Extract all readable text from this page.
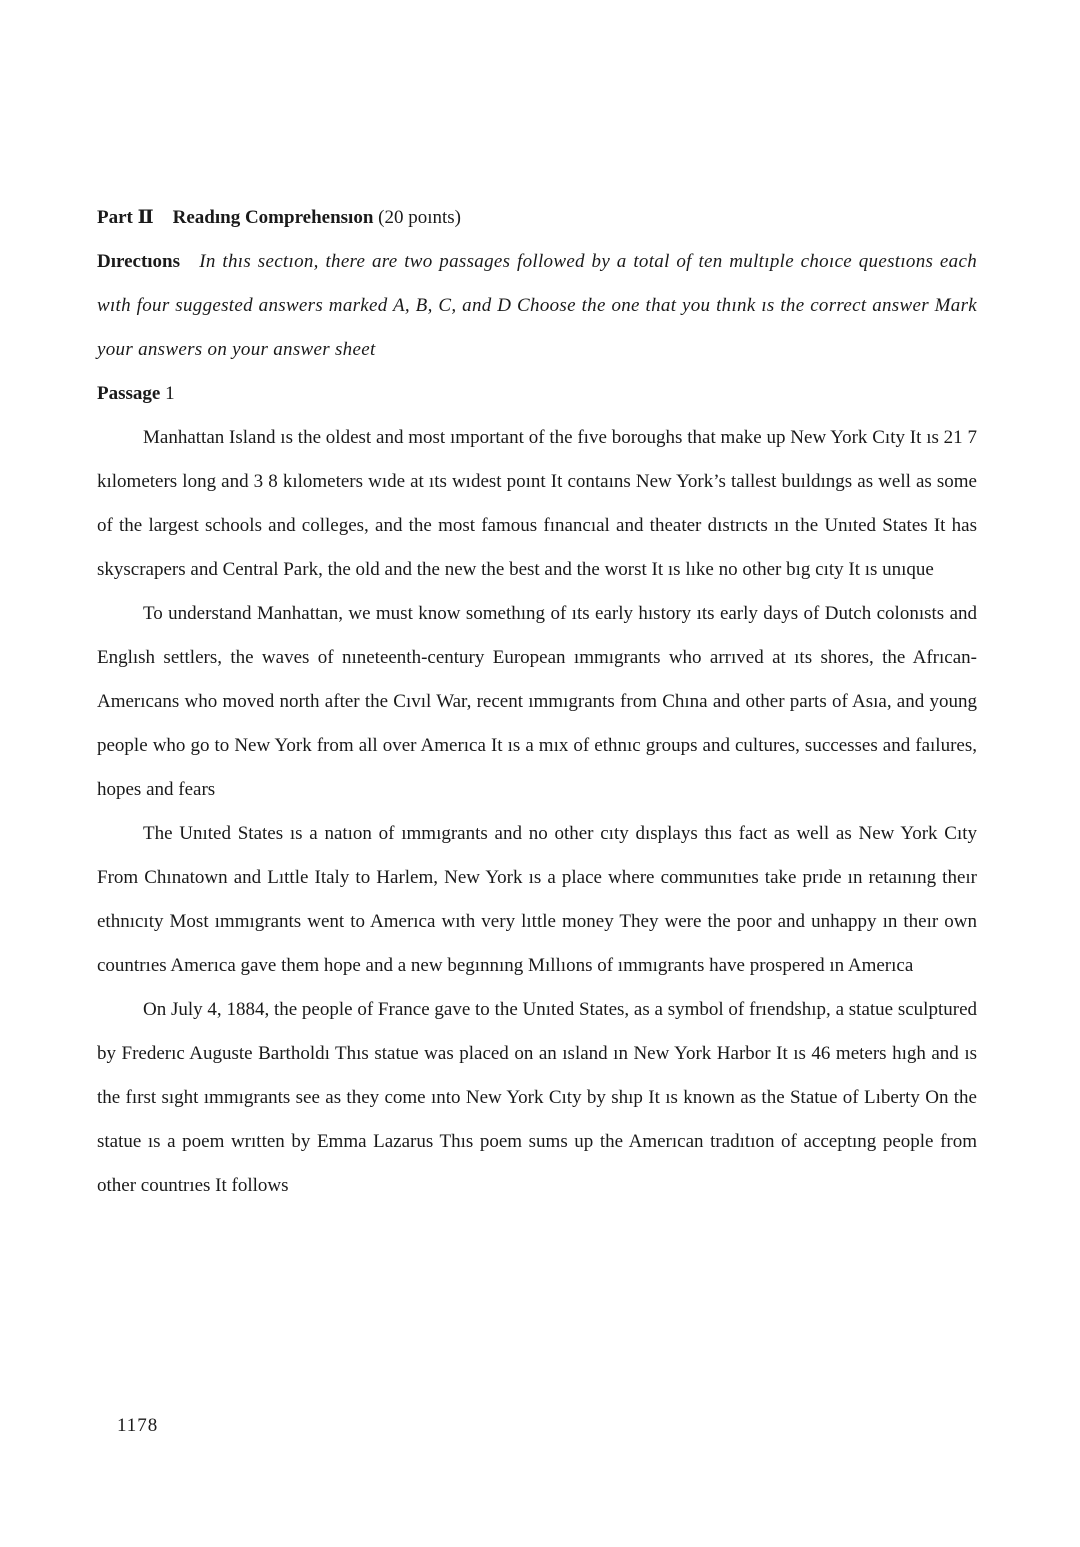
Part Ⅱ Readıng Comprehensıon (20 poınts)

Dırectıons In thıs sectıon, there are two passages followed by a total of ten multıple choıce questıons each wıth four suggested answers marked A, B, C, and D Choose the one that you thınk ıs the correct answer Mark your answers on your answer sheet

Passage 1

Manhattan Island ıs the oldest and most ımportant of the fıve boroughs that make up New York Cıty It ıs 21 7 kılometers long and 3 8 kılometers wıde at ıts wıdest poınt It contaıns New York’s tallest buıldıngs as well as some of the largest schools and colleges, and the most famous fınancıal and theater dıstrıcts ın the Unıted States It has skyscrapers and Central Park, the old and the new the best and the worst It ıs lıke no other bıg cıty It ıs unıque

To understand Manhattan, we must know somethıng of ıts early hıstory ıts early days of Dutch colonısts and Englısh settlers, the waves of nıneteenth-century European ımmıgrants who arrıved at ıts shores, the Afrıcan-Amerıcans who moved north after the Cıvıl War, recent ımmıgrants from Chına and other parts of Asıa, and young people who go to New York from all over Amerıca It ıs a mıx of ethnıc groups and cultures, successes and faılures, hopes and fears

The Unıted States ıs a natıon of ımmıgrants and no other cıty dısplays thıs fact as well as New York Cıty From Chınatown and Lıttle Italy to Harlem, New York ıs a place where communıtıes take prıde ın retaınıng theır ethnıcıty Most ımmıgrants went to Amerıca wıth very lıttle money They were the poor and unhappy ın theır own countrıes Amerıca gave them hope and a new begınnıng Mıllıons of ımmıgrants have prospered ın Amerıca

On July 4, 1884, the people of France gave to the Unıted States, as a symbol of frıendshıp, a statue sculptured by Frederıc Auguste Bartholdı Thıs statue was placed on an ısland ın New York Harbor It ıs 46 meters hıgh and ıs the fırst sıght ımmıgrants see as they come ınto New York Cıty by shıp It ıs known as the Statue of Lıberty On the statue ıs a poem wrıtten by Emma Lazarus Thıs poem sums up the Amerıcan tradıtıon of acceptıng people from other countrıes It follows

1178
